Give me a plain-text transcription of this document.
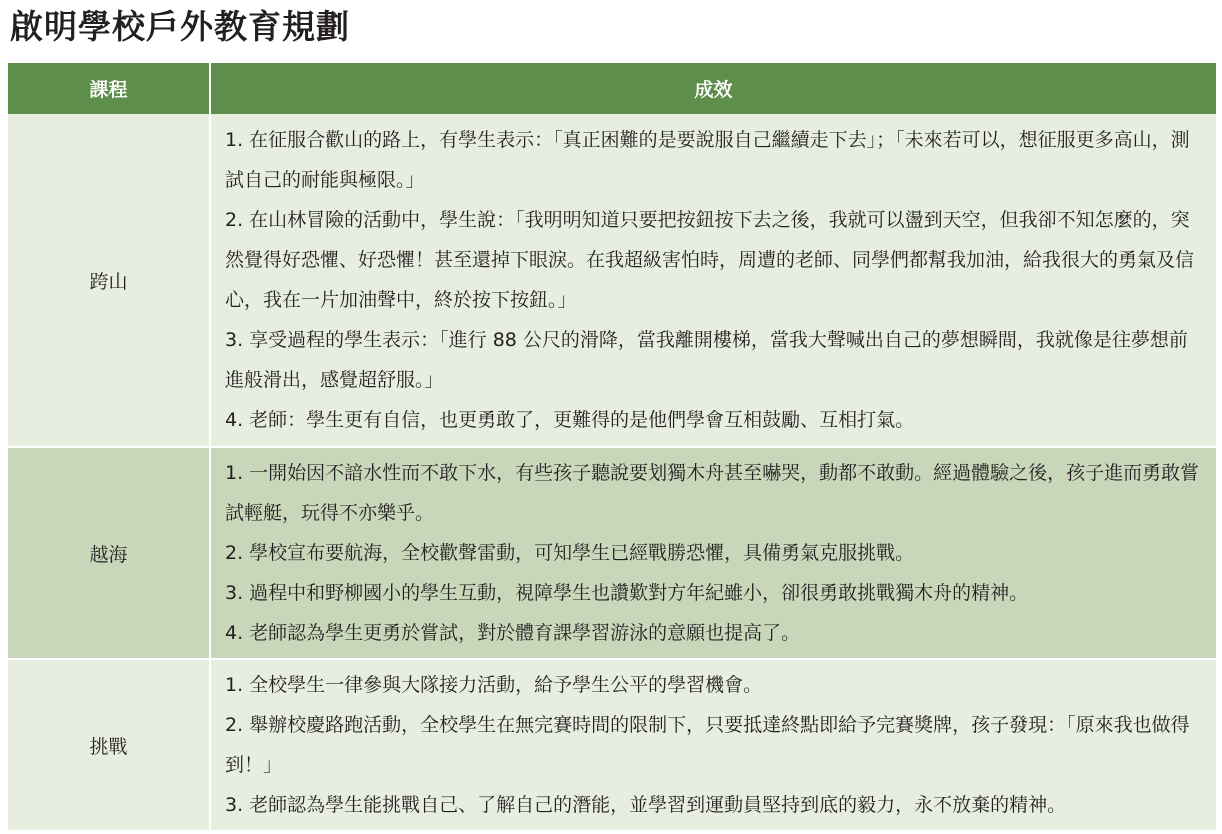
啟明學校戶外教育規劃
課程	成效
跨山	1. 在征服合歡山的路上，有學生表示：「真正困難的是要說服自己繼續走下去」；「未來若可以，想征服更多高山，測試自己的耐能與極限。」

2. 在山林冒險的活動中，學生說：「我明明知道只要把按鈕按下去之後，我就可以盪到天空，但我卻不知怎麼的，突然覺得好恐懼、好恐懼！甚至還掉下眼淚。在我超級害怕時，周遭的老師、同學們都幫我加油，給我很大的勇氣及信心，我在一片加油聲中，終於按下按鈕。」

3. 享受過程的學生表示：「進行 88 公尺的滑降，當我離開樓梯，當我大聲喊出自己的夢想瞬間，我就像是往夢想前進般滑出，感覺超舒服。」

4. 老師：學生更有自信，也更勇敢了，更難得的是他們學會互相鼓勵、互相打氣。

越海	1. 一開始因不諳水性而不敢下水，有些孩子聽說要划獨木舟甚至嚇哭，動都不敢動。經過體驗之後，孩子進而勇敢嘗試輕艇，玩得不亦樂乎。

2. 學校宣布要航海，全校歡聲雷動，可知學生已經戰勝恐懼，具備勇氣克服挑戰。

3. 過程中和野柳國小的學生互動，視障學生也讚歎對方年紀雖小，卻很勇敢挑戰獨木舟的精神。

4. 老師認為學生更勇於嘗試，對於體育課學習游泳的意願也提高了。

挑戰	1. 全校學生一律參與大隊接力活動，給予學生公平的學習機會。

2. 舉辦校慶路跑活動，全校學生在無完賽時間的限制下，只要抵達終點即給予完賽獎牌，孩子發現：「原來我也做得到！」

3. 老師認為學生能挑戰自己、了解自己的潛能，並學習到運動員堅持到底的毅力，永不放棄的精神。
